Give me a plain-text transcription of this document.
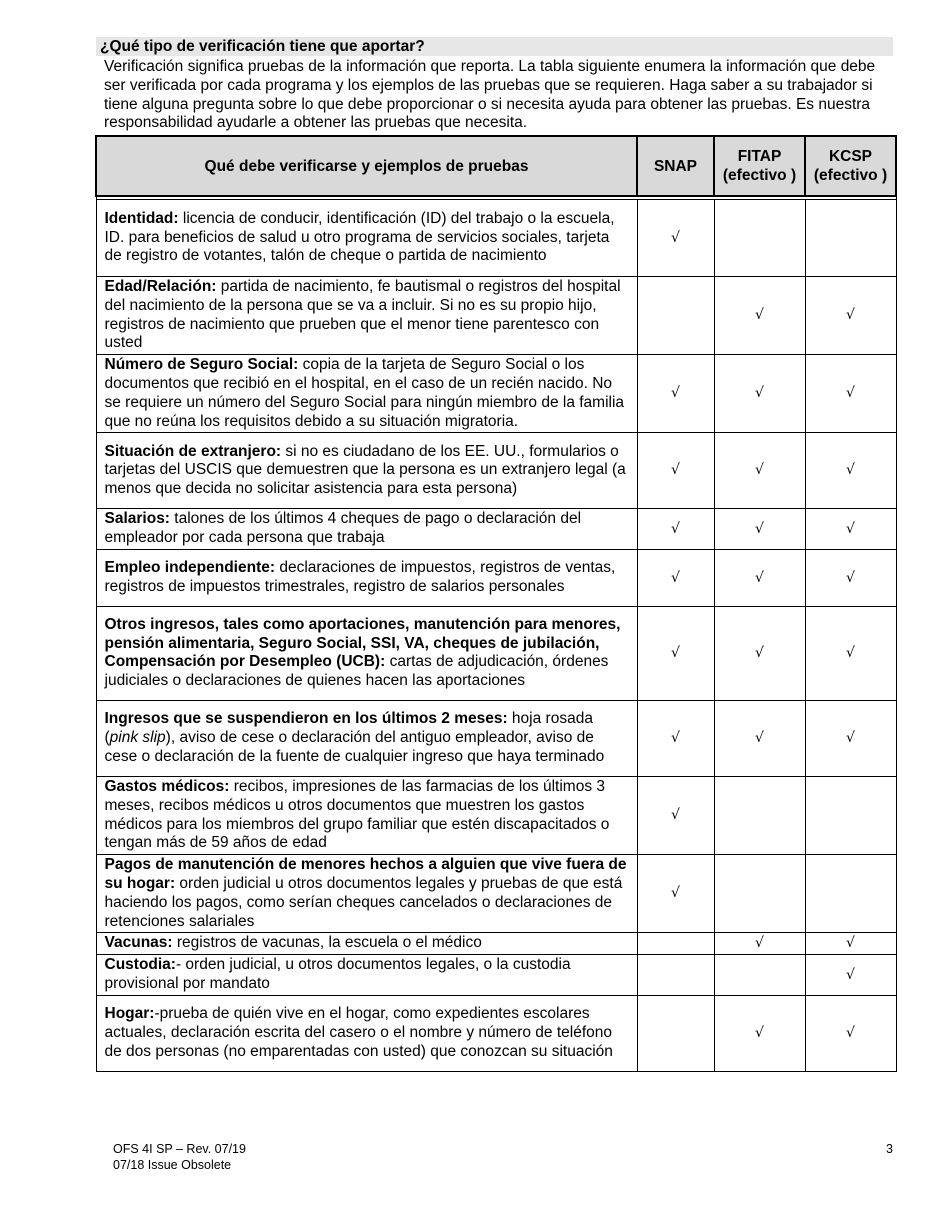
¿Qué tipo de verificación tiene que aportar?
Verificación significa pruebas de la información que reporta. La tabla siguiente enumera la información que debe ser verificada por cada programa y los ejemplos de las pruebas que se requieren. Haga saber a su trabajador si tiene alguna pregunta sobre lo que debe proporcionar o si necesita ayuda para obtener las pruebas. Es nuestra responsabilidad ayudarle a obtener las pruebas que necesita.
Qué debe verificarse y ejemplos de pruebas	SNAP	FITAP (efectivo )	KCSP (efectivo )

Identidad: licencia de conducir, identificación (ID) del trabajo o la escuela, ID. para beneficios de salud u otro programa de servicios sociales, tarjeta de registro de votantes, talón de cheque o partida de nacimiento	√		
Edad/Relación: partida de nacimiento, fe bautismal o registros del hospital del nacimiento de la persona que se va a incluir. Si no es su propio hijo, registros de nacimiento que prueben que el menor tiene parentesco con usted		√	√
Número de Seguro Social: copia de la tarjeta de Seguro Social o los documentos que recibió en el hospital, en el caso de un recién nacido. No se requiere un número del Seguro Social para ningún miembro de la familia que no reúna los requisitos debido a su situación migratoria.	√	√	√
Situación de extranjero: si no es ciudadano de los EE. UU., formularios o tarjetas del USCIS que demuestren que la persona es un extranjero legal (a menos que decida no solicitar asistencia para esta persona)	√	√	√
Salarios: talones de los últimos 4 cheques de pago o declaración del empleador por cada persona que trabaja	√	√	√
Empleo independiente: declaraciones de impuestos, registros de ventas, registros de impuestos trimestrales, registro de salarios personales	√	√	√
Otros ingresos, tales como aportaciones, manutención para menores, pensión alimentaria, Seguro Social, SSI, VA, cheques de jubilación, Compensación por Desempleo (UCB): cartas de adjudicación, órdenes judiciales o declaraciones de quienes hacen las aportaciones	√	√	√
Ingresos que se suspendieron en los últimos 2 meses: hoja rosada (pink slip), aviso de cese o declaración del antiguo empleador, aviso de cese o declaración de la fuente de cualquier ingreso que haya terminado	√	√	√
Gastos médicos: recibos, impresiones de las farmacias de los últimos 3 meses, recibos médicos u otros documentos que muestren los gastos médicos para los miembros del grupo familiar que estén discapacitados o tengan más de 59 años de edad	√		
Pagos de manutención de menores hechos a alguien que vive fuera de su hogar: orden judicial u otros documentos legales y pruebas de que está haciendo los pagos, como serían cheques cancelados o declaraciones de retenciones salariales	√		
Vacunas: registros de vacunas, la escuela o el médico		√	√
Custodia:- orden judicial, u otros documentos legales, o la custodia provisional por mandato			√
Hogar:-prueba de quién vive en el hogar, como expedientes escolares actuales, declaración escrita del casero o el nombre y número de teléfono de dos personas (no emparentadas con usted) que conozcan su situación		√	√
OFS 4I SP – Rev. 07/19
07/18 Issue Obsolete
3
